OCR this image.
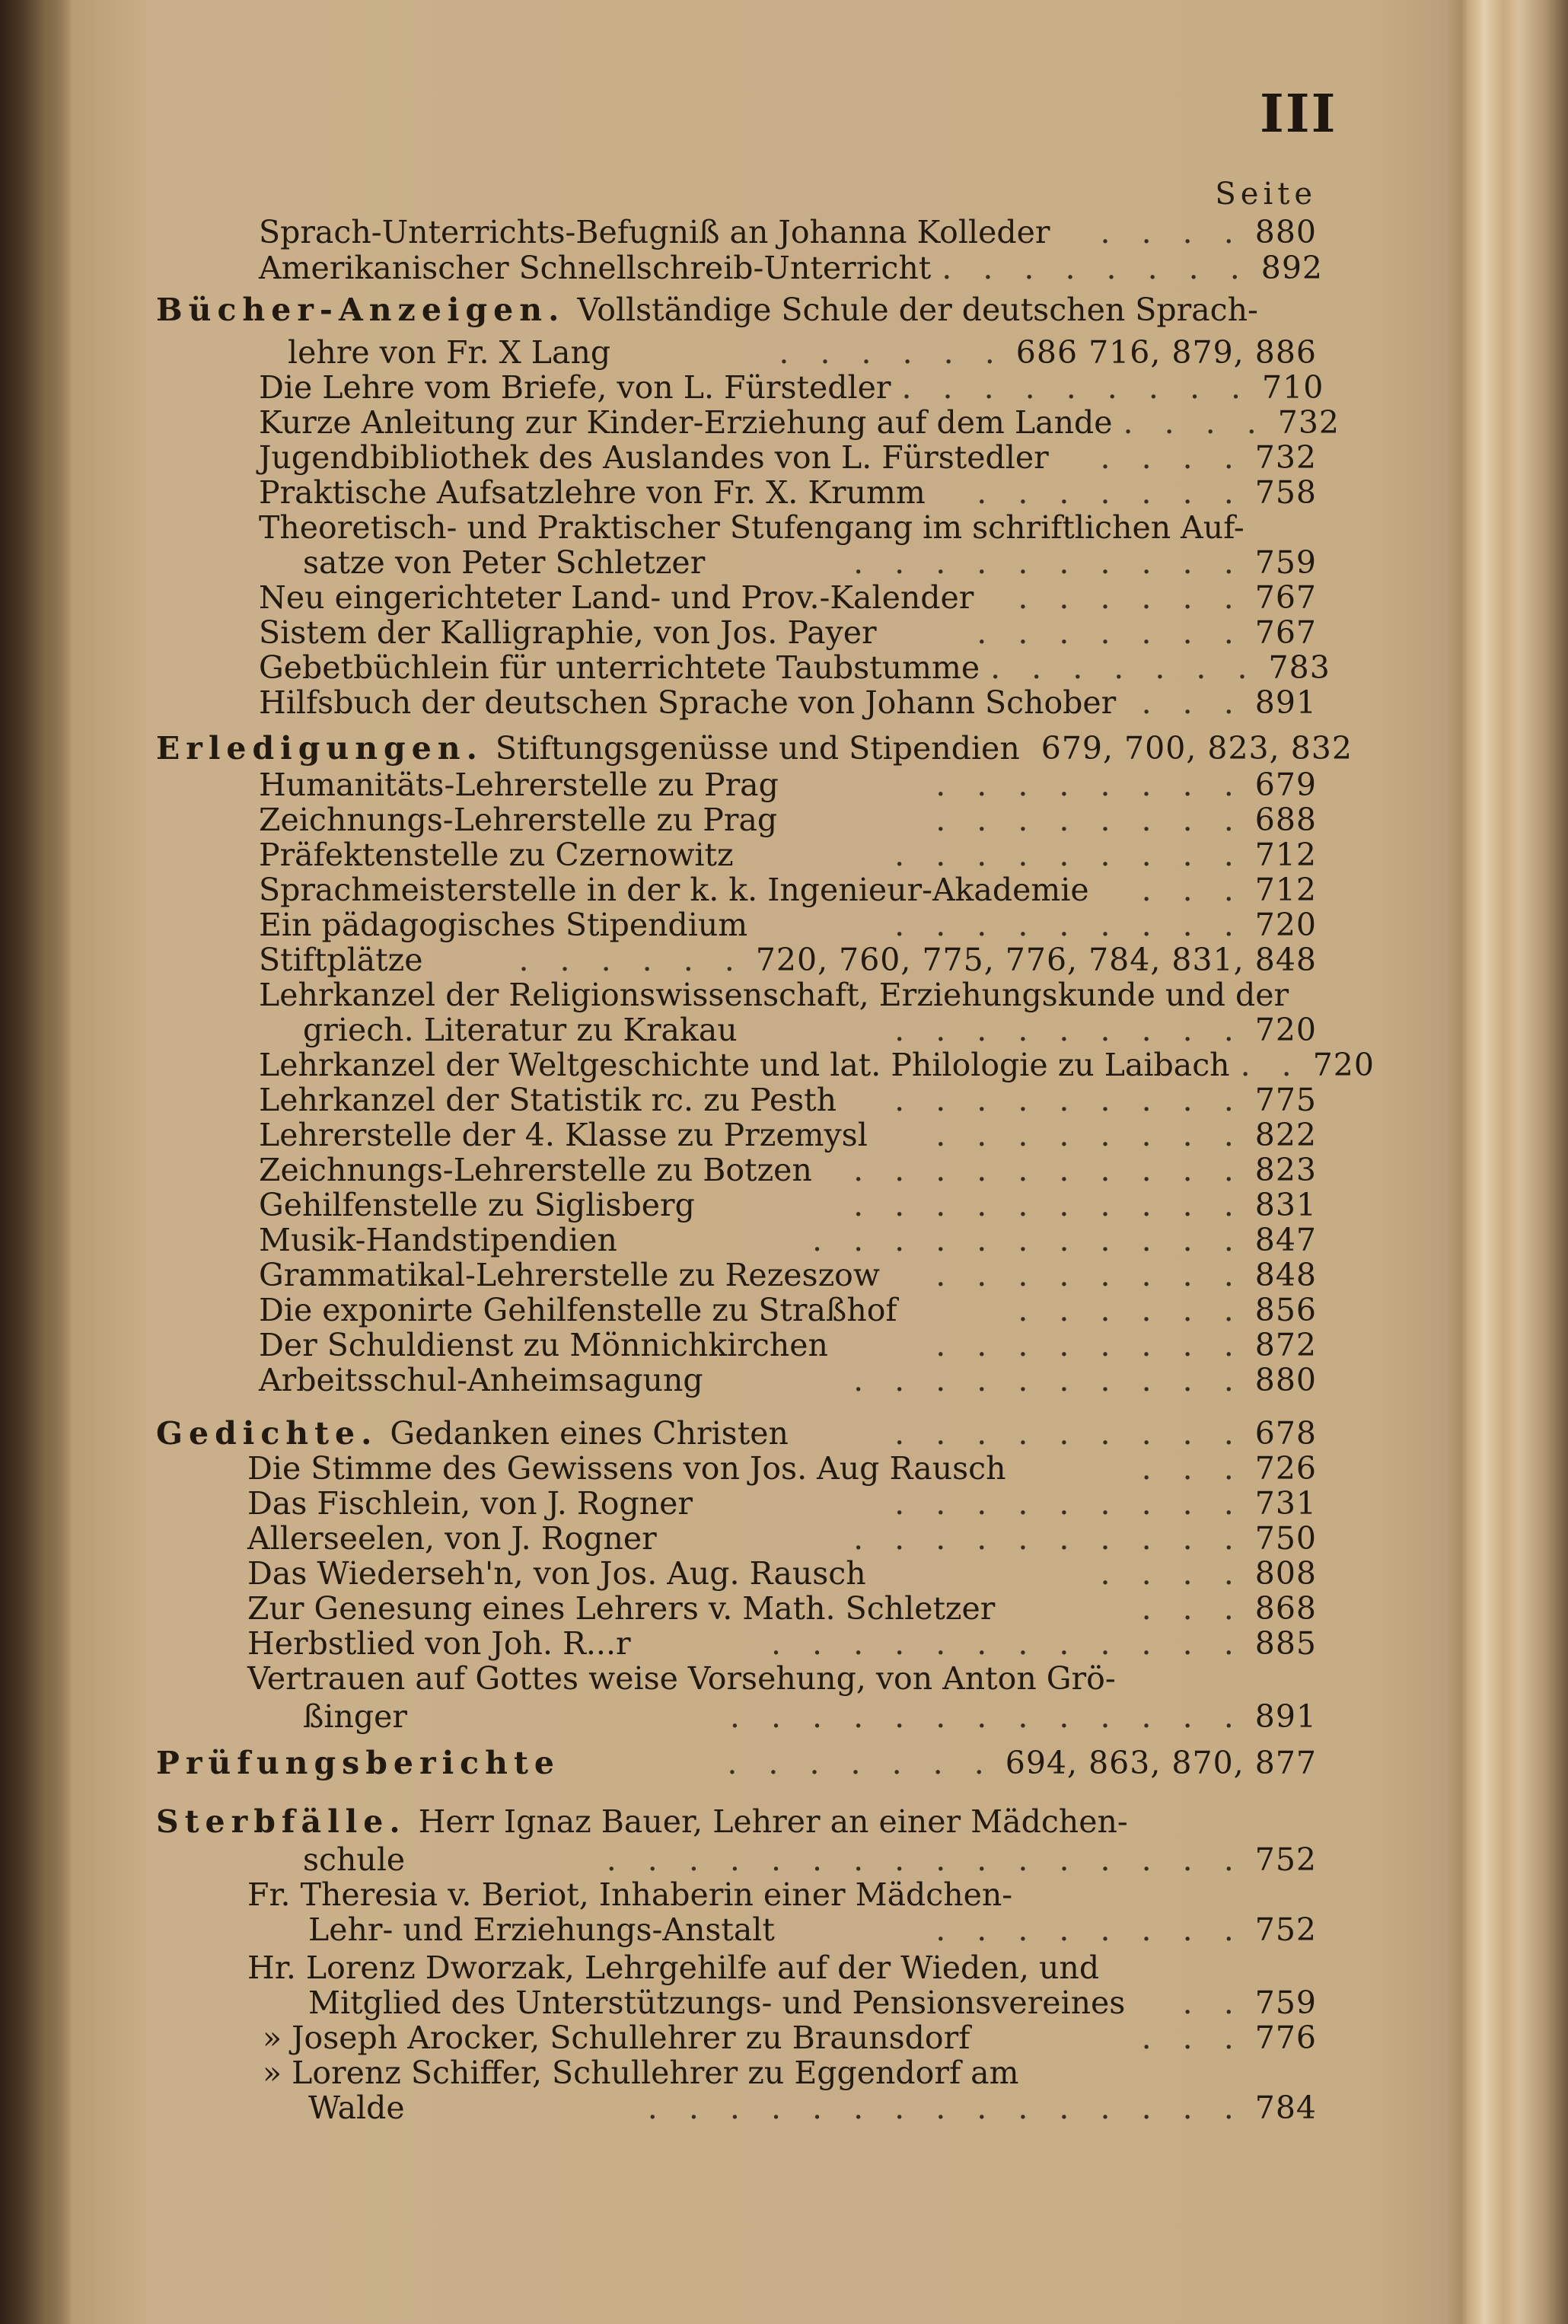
III
Seite
Sprach-Unterrichts-Befugniß an Johanna Kolleder	. . . . 880
Amerikanischer Schnellschreib-Unterricht . . . . . . . . 892
Bücher-Anzeigen. Vollständige Schule der deutschen Sprach-
lehre von Fr. X Lang	. . . . . . 686 716, 879, 886
Die Lehre vom Briefe, von L. Fürstedler . . . . . . . . . 710
Kurze Anleitung zur Kinder-Erziehung auf dem Lande . . . . 732
Jugendbibliothek des Auslandes von L. Fürstedler	. . . . 732
Praktische Aufsatzlehre von Fr. X. Krumm	. . . . . . . 758
Theoretisch- und Praktischer Stufengang im schriftlichen Auf-
satze von Peter Schletzer	. . . . . . . . . . 759
Neu eingerichteter Land- und Prov.-Kalender	. . . . . . 767
Sistem der Kalligraphie, von Jos. Payer	. . . . . . . 767
Gebetbüchlein für unterrichtete Taubstumme . . . . . . . 783
Hilfsbuch der deutschen Sprache von Johann Schober . . . 891
Erledigungen. Stiftungsgenüsse und Stipendien 679, 700, 823, 832
Humanitäts-Lehrerstelle zu Prag	. . . . . . . . 679
Zeichnungs-Lehrerstelle zu Prag	. . . . . . . . 688
Präfektenstelle zu Czernowitz	. . . . . . . . . 712
Sprachmeisterstelle in der k. k. Ingenieur-Akademie	. . . 712
Ein pädagogisches Stipendium	. . . . . . . . . 720
Stiftplätze	. . . . . . 720, 760, 775, 776, 784, 831, 848
Lehrkanzel der Religionswissenschaft, Erziehungskunde und der
griech. Literatur zu Krakau	. . . . . . . . . 720
Lehrkanzel der Weltgeschichte und lat. Philologie zu Laibach . . 720
Lehrkanzel der Statistik rc. zu Pesth	. . . . . . . . . 775
Lehrerstelle der 4. Klasse zu Przemysl	. . . . . . . . 822
Zeichnungs-Lehrerstelle zu Botzen	. . . . . . . . . . 823
Gehilfenstelle zu Siglisberg	. . . . . . . . . . 831
Musik-Handstipendien	. . . . . . . . . . . 847
Grammatikal-Lehrerstelle zu Rezeszow	. . . . . . . . 848
Die exponirte Gehilfenstelle zu Straßhof	. . . . . . 856
Der Schuldienst zu Mönnichkirchen	. . . . . . . . 872
Arbeitsschul-Anheimsagung	. . . . . . . . . . 880
Gedichte. Gedanken eines Christen	. . . . . . . . . 678
Die Stimme des Gewissens von Jos. Aug Rausch	. . . 726
Das Fischlein, von J. Rogner	. . . . . . . . . 731
Allerseelen, von J. Rogner	. . . . . . . . . . 750
Das Wiederseh'n, von Jos. Aug. Rausch	. . . . 808
Zur Genesung eines Lehrers v. Math. Schletzer	. . . 868
Herbstlied von Joh. R...r	. . . . . . . . . . . . 885
Vertrauen auf Gottes weise Vorsehung, von Anton Grö-
ßinger	. . . . . . . . . . . . . 891
Prüfungsberichte	. . . . . . . 694, 863, 870, 877
Sterbfälle. Herr Ignaz Bauer, Lehrer an einer Mädchen-
schule	. . . . . . . . . . . . . . . . 752
Fr. Theresia v. Beriot, Inhaberin einer Mädchen-
Lehr- und Erziehungs-Anstalt	. . . . . . . . 752
Hr. Lorenz Dworzak, Lehrgehilfe auf der Wieden, und
Mitglied des Unterstützungs- und Pensionsvereines	. . 759
» Joseph Arocker, Schullehrer zu Braunsdorf	. . . 776
» Lorenz Schiffer, Schullehrer zu Eggendorf am
Walde	. . . . . . . . . . . . . . . 784
